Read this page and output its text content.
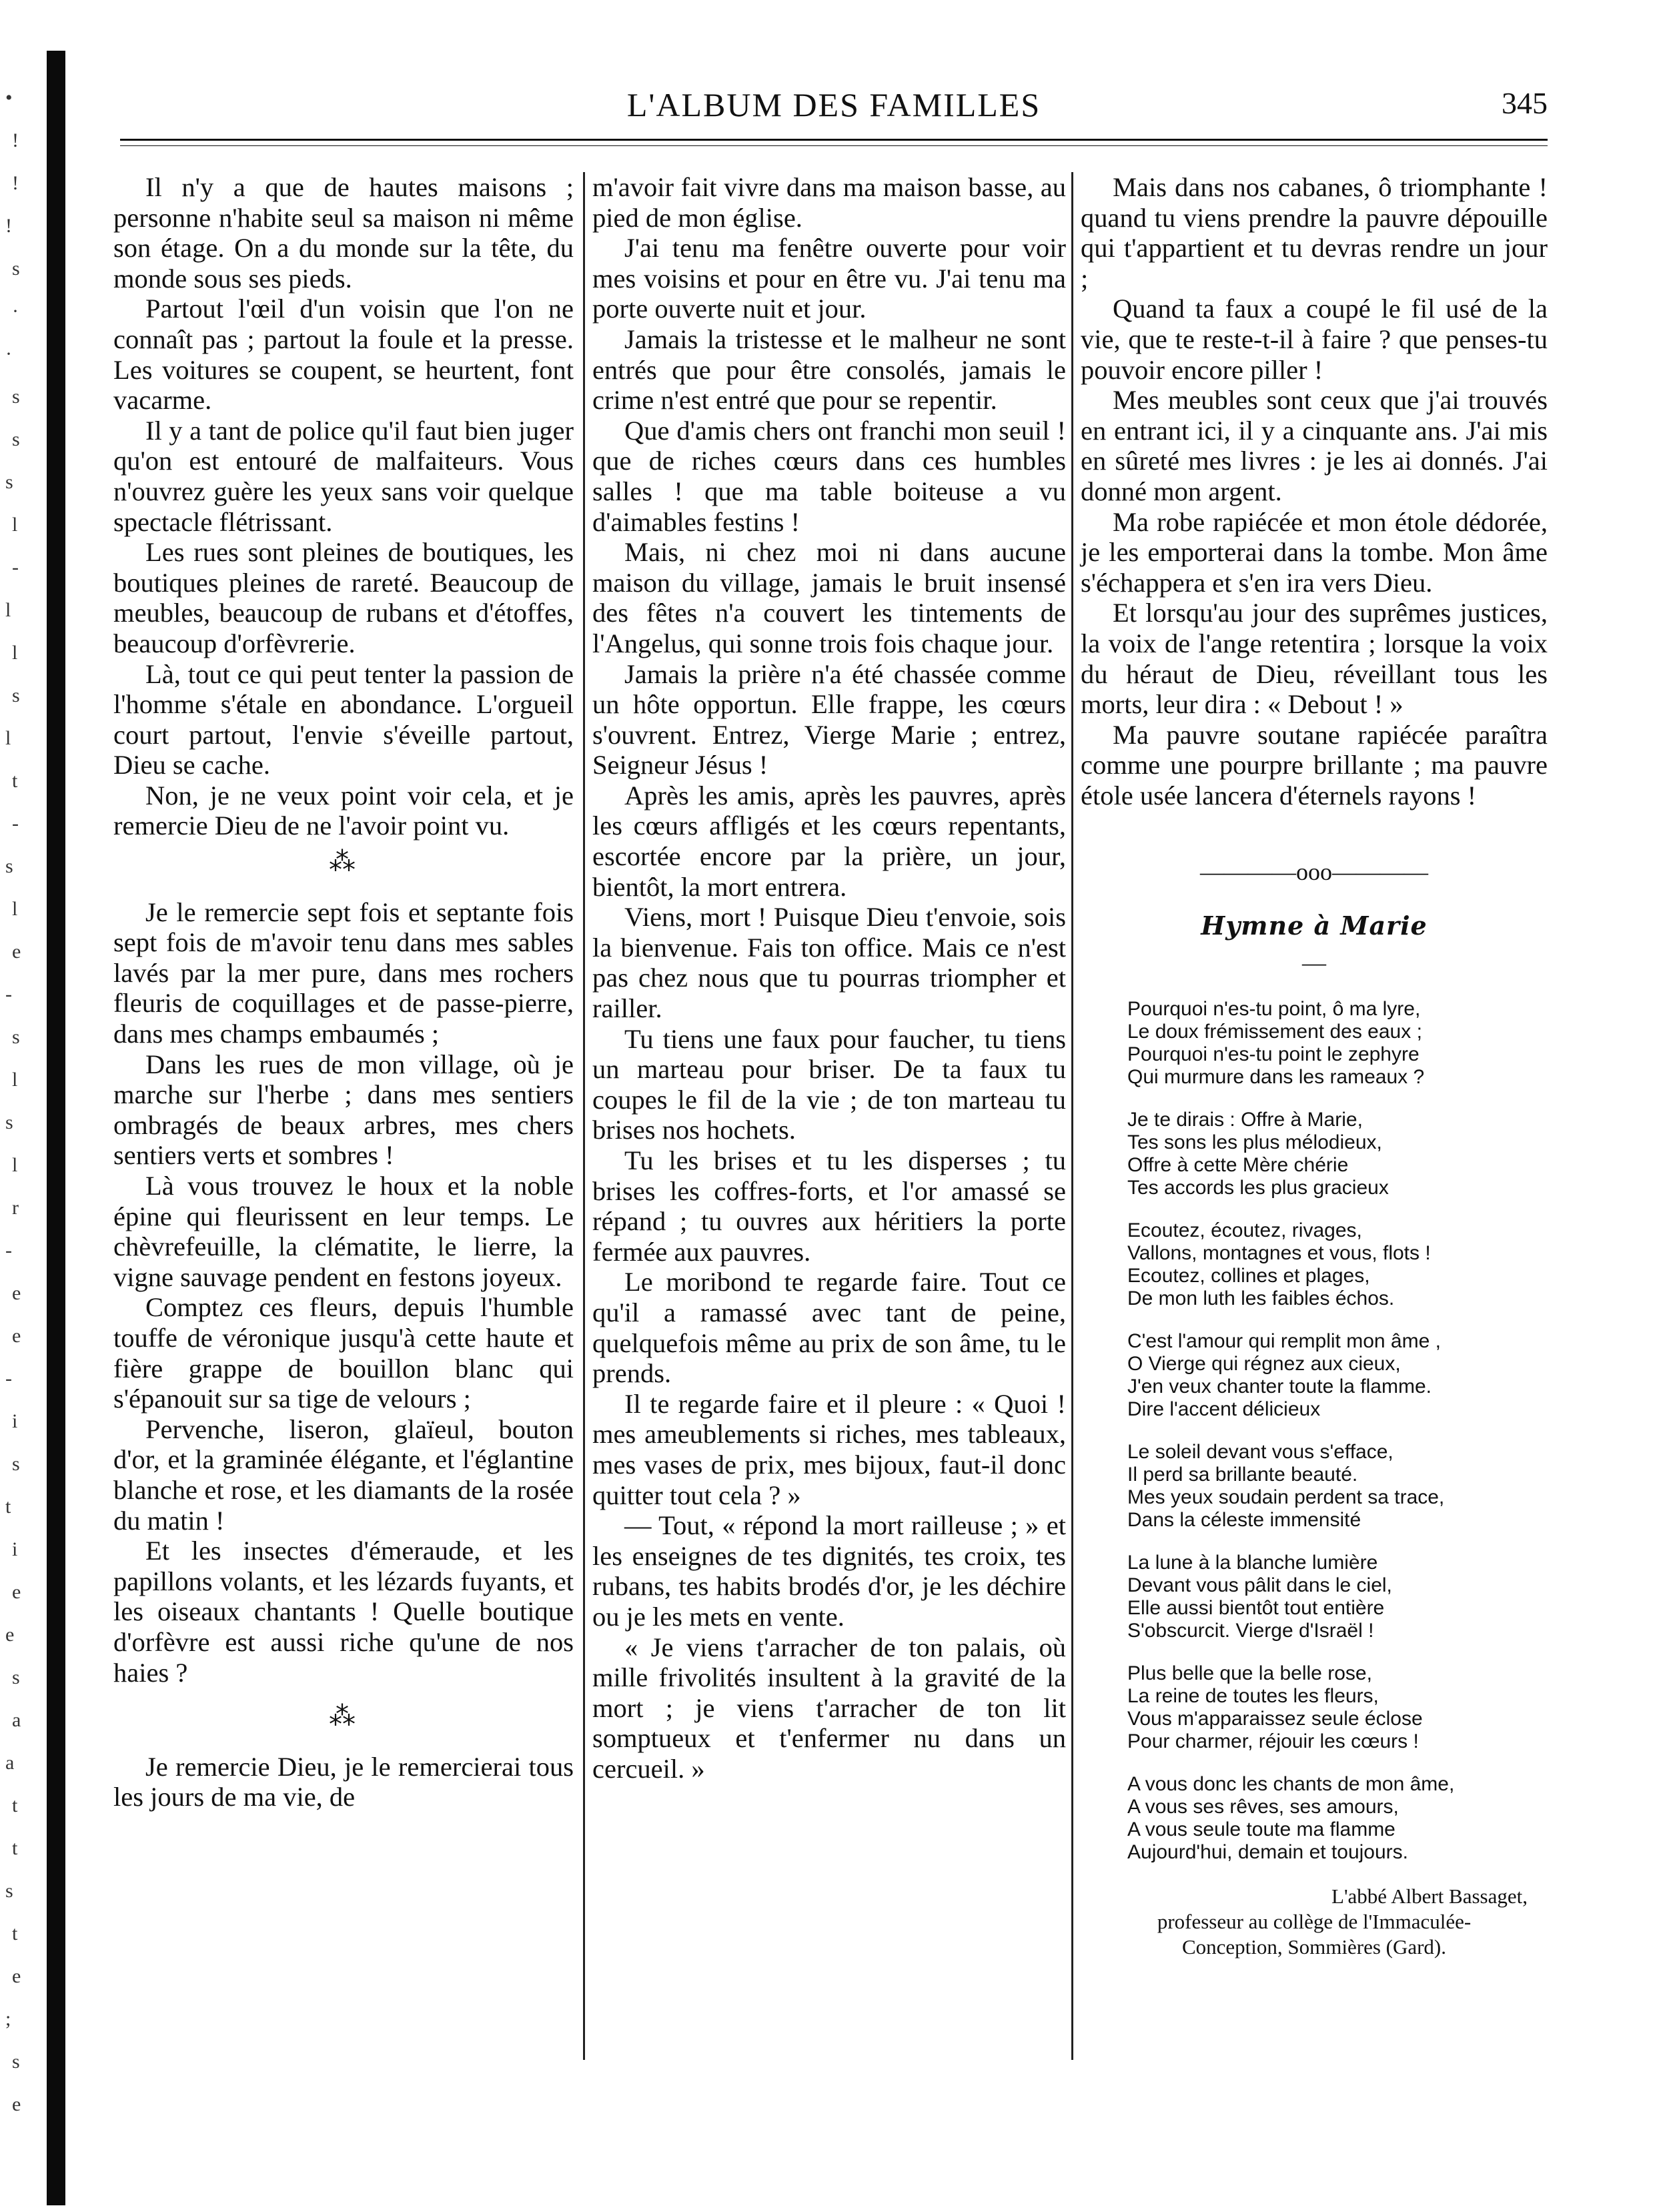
•
!
!
!
s
·
·
s
s
s
l
-
l
l
s
l
t
-
s
l
e
-
s
l
s
l
r
-
e
e
-
i
s
t
i
e
e
s
a
a
t
t
s
t
e
;
s
e
L'ALBUM DES FAMILLES	345

Il n'y a que de hautes maisons ; personne n'habite seul sa maison ni même son étage. On a du monde sur la tête, du monde sous ses pieds.

Partout l'œil d'un voisin que l'on ne connaît pas ; partout la foule et la presse. Les voitures se coupent, se heurtent, font vacarme.

Il y a tant de police qu'il faut bien juger qu'on est entouré de malfaiteurs. Vous n'ouvrez guère les yeux sans voir quelque spectacle flétrissant.

Les rues sont pleines de boutiques, les boutiques pleines de rareté. Beaucoup de meubles, beaucoup de rubans et d'étoffes, beaucoup d'orfèvrerie.

Là, tout ce qui peut tenter la passion de l'homme s'étale en abondance. L'orgueil court partout, l'envie s'éveille partout, Dieu se cache.

Non, je ne veux point voir cela, et je remercie Dieu de ne l'avoir point vu.

⁂

Je le remercie sept fois et septante fois sept fois de m'avoir tenu dans mes sables lavés par la mer pure, dans mes rochers fleuris de coquillages et de passe-pierre, dans mes champs embaumés ;

Dans les rues de mon village, où je marche sur l'herbe ; dans mes sentiers ombragés de beaux arbres, mes chers sentiers verts et sombres !

Là vous trouvez le houx et la noble épine qui fleurissent en leur temps. Le chèvrefeuille, la clématite, le lierre, la vigne sauvage pendent en festons joyeux.

Comptez ces fleurs, depuis l'humble touffe de véronique jusqu'à cette haute et fière grappe de bouillon blanc qui s'épanouit sur sa tige de velours ;

Pervenche, liseron, glaïeul, bouton d'or, et la graminée élégante, et l'églantine blanche et rose, et les diamants de la rosée du matin !

Et les insectes d'émeraude, et les papillons volants, et les lézards fuyants, et les oiseaux chantants ! Quelle boutique d'orfèvre est aussi riche qu'une de nos haies ?

⁂

Je remercie Dieu, je le remercierai tous les jours de ma vie, de

m'avoir fait vivre dans ma maison basse, au pied de mon église.

J'ai tenu ma fenêtre ouverte pour voir mes voisins et pour en être vu. J'ai tenu ma porte ouverte nuit et jour.

Jamais la tristesse et le malheur ne sont entrés que pour être consolés, jamais le crime n'est entré que pour se repentir.

Que d'amis chers ont franchi mon seuil ! que de riches cœurs dans ces humbles salles ! que ma table boiteuse a vu d'aimables festins !

Mais, ni chez moi ni dans aucune maison du village, jamais le bruit insensé des fêtes n'a couvert les tintements de l'Angelus, qui sonne trois fois chaque jour.

Jamais la prière n'a été chassée comme un hôte opportun. Elle frappe, les cœurs s'ouvrent. Entrez, Vierge Marie ; entrez, Seigneur Jésus !

Après les amis, après les pauvres, après les cœurs affligés et les cœurs repentants, escortée encore par la prière, un jour, bientôt, la mort entrera.

Viens, mort ! Puisque Dieu t'envoie, sois la bienvenue. Fais ton office. Mais ce n'est pas chez nous que tu pourras triompher et railler.

Tu tiens une faux pour faucher, tu tiens un marteau pour briser. De ta faux tu coupes le fil de la vie ; de ton marteau tu brises nos hochets.

Tu les brises et tu les disperses ; tu brises les coffres-forts, et l'or amassé se répand ; tu ouvres aux héritiers la porte fermée aux pauvres.

Le moribond te regarde faire. Tout ce qu'il a ramassé avec tant de peine, quelquefois même au prix de son âme, tu le prends.

Il te regarde faire et il pleure : « Quoi ! mes ameublements si riches, mes tableaux, mes vases de prix, mes bijoux, faut-il donc quitter tout cela ? »

— Tout, « répond la mort railleuse ; » et les enseignes de tes dignités, tes croix, tes rubans, tes habits brodés d'or, je les déchire ou je les mets en vente.

« Je viens t'arracher de ton palais, où mille frivolités insultent à la gravité de la mort ; je viens t'arracher de ton lit somptueux et t'enfermer nu dans un cercueil. »

Mais dans nos cabanes, ô triomphante ! quand tu viens prendre la pauvre dépouille qui t'appartient et tu devras rendre un jour ;

Quand ta faux a coupé le fil usé de la vie, que te reste-t-il à faire ? que penses-tu pouvoir encore piller !

Mes meubles sont ceux que j'ai trouvés en entrant ici, il y a cinquante ans. J'ai mis en sûreté mes livres : je les ai donnés. J'ai donné mon argent.

Ma robe rapiécée et mon étole dédorée, je les emporterai dans la tombe. Mon âme s'échappera et s'en ira vers Dieu.

Et lorsqu'au jour des suprêmes justices, la voix de l'ange retentira ; lorsque la voix du héraut de Dieu, réveillant tous les morts, leur dira : « Debout ! »

Ma pauvre soutane rapiécée paraîtra comme une pourpre brillante ; ma pauvre étole usée lancera d'éternels rayons !

————ooo————
Hymne à Marie
—
Pourquoi n'es-tu point, ô ma lyre,
Le doux frémissement des eaux ;
Pourquoi n'es-tu point le zephyre
Qui murmure dans les rameaux ?
Je te dirais : Offre à Marie,
Tes sons les plus mélodieux,
Offre à cette Mère chérie
Tes accords les plus gracieux
Ecoutez, écoutez, rivages,
Vallons, montagnes et vous, flots !
Ecoutez, collines et plages,
De mon luth les faibles échos.
C'est l'amour qui remplit mon âme ,
O Vierge qui régnez aux cieux,
J'en veux chanter toute la flamme.
Dire l'accent délicieux
Le soleil devant vous s'efface,
Il perd sa brillante beauté.
Mes yeux soudain perdent sa trace,
Dans la céleste immensité
La lune à la blanche lumière
Devant vous pâlit dans le ciel,
Elle aussi bientôt tout entière
S'obscurcit. Vierge d'Israël !
Plus belle que la belle rose,
La reine de toutes les fleurs,
Vous m'apparaissez seule éclose
Pour charmer, réjouir les cœurs !
A vous donc les chants de mon âme,
A vous ses rêves, ses amours,
A vous seule toute ma flamme
Aujourd'hui, demain et toujours.
L'abbé Albert Bassaget,
professeur au collège de l'Immaculée-
Conception, Sommières (Gard).
